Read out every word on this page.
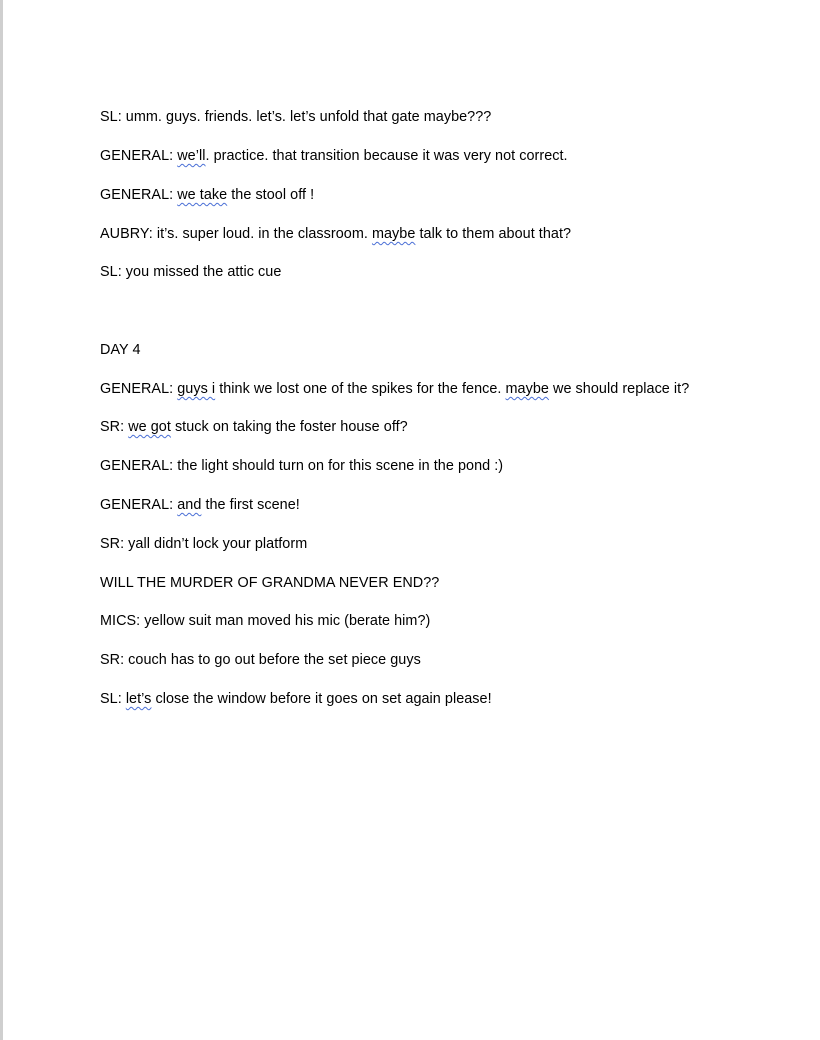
SL: umm. guys. friends. let’s. let’s unfold that gate maybe???

GENERAL: we’ll. practice. that transition because it was very not correct.

GENERAL: we take the stool off !

AUBRY: it’s. super loud. in the classroom. maybe talk to them about that?

SL: you missed the attic cue

DAY 4

GENERAL: guys i think we lost one of the spikes for the fence. maybe we should replace it?

SR: we got stuck on taking the foster house off?

GENERAL: the light should turn on for this scene in the pond :)

GENERAL: and the first scene!

SR: yall didn’t lock your platform

WILL THE MURDER OF GRANDMA NEVER END??

MICS: yellow suit man moved his mic (berate him?)

SR: couch has to go out before the set piece guys

SL: let’s close the window before it goes on set again please!
